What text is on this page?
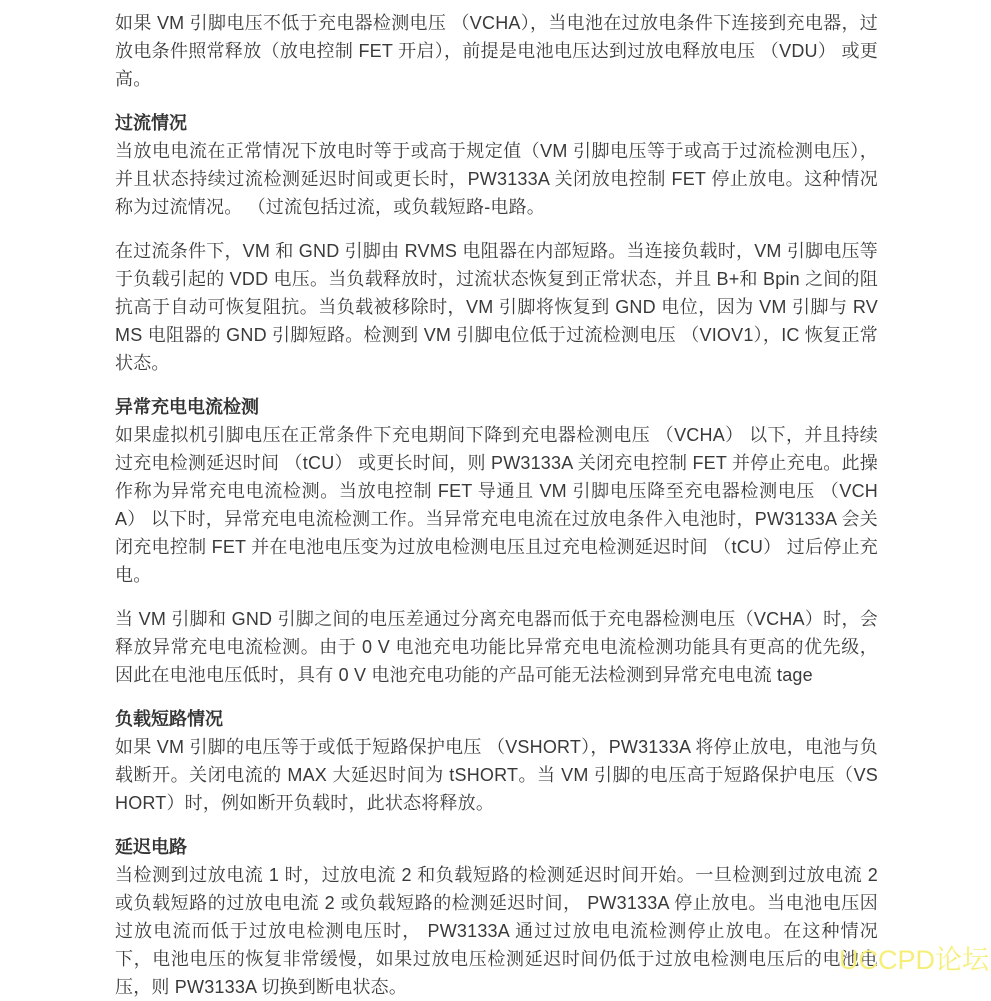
如果 VM 引脚电压不低于充电器检测电压 （VCHA），当电池在过放电条件下连接到充电器，过放电条件照常释放（放电控制 FET 开启），前提是电池电压达到过放电释放电压 （VDU） 或更高。

过流情况

当放电电流在正常情况下放电时等于或高于规定值（VM 引脚电压等于或高于过流检测电压），并且状态持续过流检测延迟时间或更长时，PW3133A 关闭放电控制 FET 停止放电。这种情况称为过流情况。 （过流包括过流，或负载短路-电路。

在过流条件下，VM 和 GND 引脚由 RVMS 电阻器在内部短路。当连接负载时，VM 引脚电压等于负载引起的 VDD 电压。当负载释放时，过流状态恢复到正常状态，并且 B+和 Bpin 之间的阻抗高于自动可恢复阻抗。当负载被移除时，VM 引脚将恢复到 GND 电位，因为 VM 引脚与 RVMS 电阻器的 GND 引脚短路。检测到 VM 引脚电位低于过流检测电压 （VIOV1），IC 恢复正常状态。

异常充电电流检测

如果虚拟机引脚电压在正常条件下充电期间下降到充电器检测电压 （VCHA） 以下，并且持续过充电检测延迟时间 （tCU） 或更长时间，则 PW3133A 关闭充电控制 FET 并停止充电。此操作称为异常充电电流检测。当放电控制 FET 导通且 VM 引脚电压降至充电器检测电压 （VCHA） 以下时，异常充电电流检测工作。当异常充电电流在过放电条件入电池时，PW3133A 会关闭充电控制 FET 并在电池电压变为过放电检测电压且过充电检测延迟时间 （tCU） 过后停止充电。

当 VM 引脚和 GND 引脚之间的电压差通过分离充电器而低于充电器检测电压（VCHA）时，会释放异常充电电流检测。由于 0 V 电池充电功能比异常充电电流检测功能具有更高的优先级，因此在电池电压低时，具有 0 V 电池充电功能的产品可能无法检测到异常充电电流 tage

负载短路情况

如果 VM 引脚的电压等于或低于短路保护电压 （VSHORT），PW3133A 将停止放电，电池与负载断开。关闭电流的 MAX 大延迟时间为 tSHORT。当 VM 引脚的电压高于短路保护电压（VSHORT）时，例如断开负载时，此状态将释放。

延迟电路

当检测到过放电流 1 时，过放电流 2 和负载短路的检测延迟时间开始。一旦检测到过放电流 2 或负载短路的过放电电流 2 或负载短路的检测延迟时间， PW3133A 停止放电。当电池电压因过放电流而低于过放电检测电压时， PW3133A 通过过放电电流检测停止放电。在这种情况下，电池电压的恢复非常缓慢，如果过放电压检测延迟时间仍低于过放电检测电压后的电池电压，则 PW3133A 切换到断电状态。

UCCPD论坛
